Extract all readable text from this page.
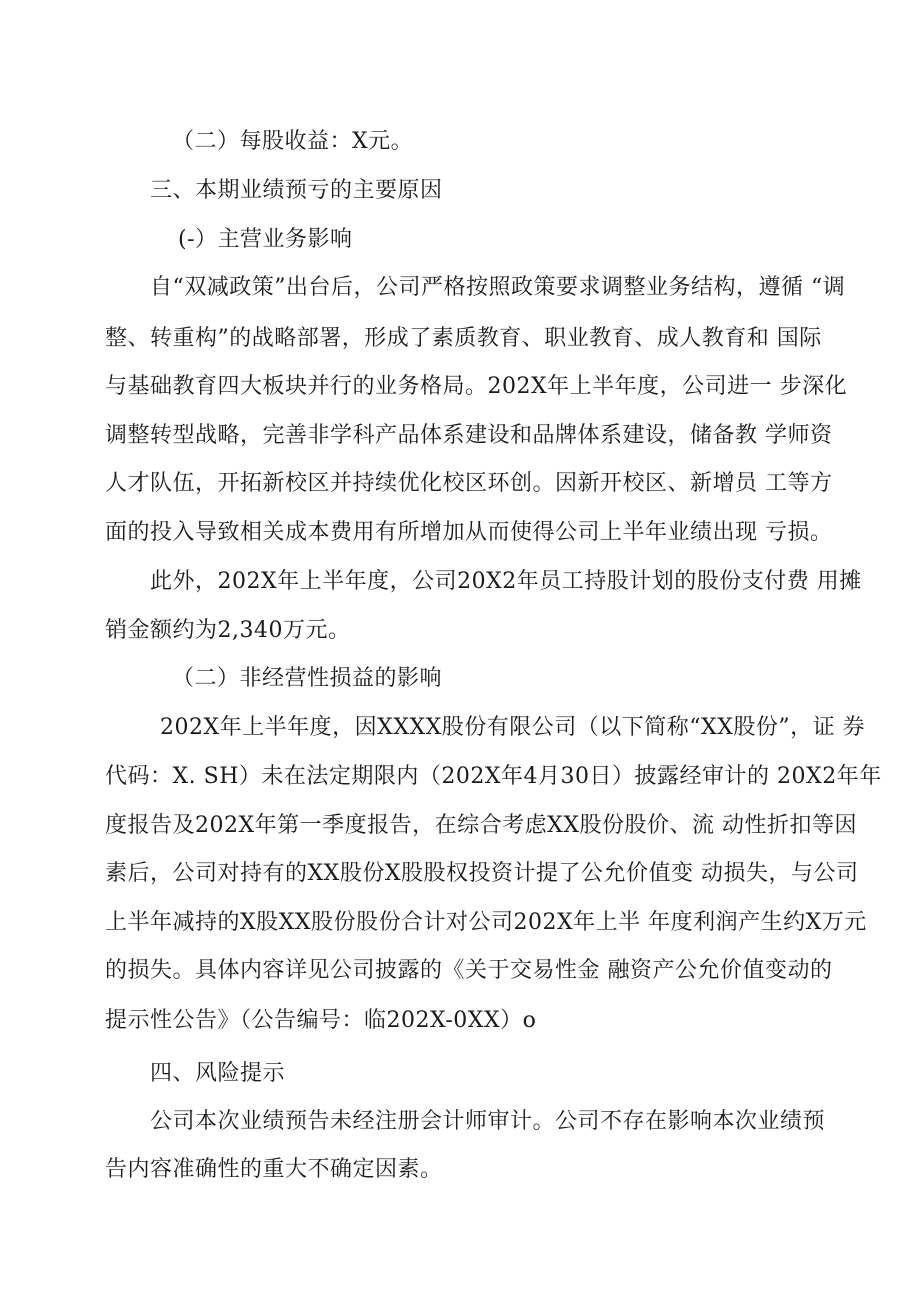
（二）每股收益：X元。
三、本期业绩预亏的主要原因
(-）主营业务影响
自“双减政策”出台后，公司严格按照政策要求调整业务结构，遵循 “调
整、转重构”的战略部署，形成了素质教育、职业教育、成人教育和 国际
与基础教育四大板块并行的业务格局。202X年上半年度，公司进一 步深化
调整转型战略，完善非学科产品体系建设和品牌体系建设，储备教 学师资
人才队伍，开拓新校区并持续优化校区环创。因新开校区、新增员 工等方
面的投入导致相关成本费用有所增加从而使得公司上半年业绩出现 亏损。
此外，202X年上半年度，公司20X2年员工持股计划的股份支付费 用摊
销金额约为2,340万元。
（二）非经营性损益的影响
202X年上半年度，因XXXX股份有限公司（以下简称“XX股份”，证 券
代码：X. SH）未在法定期限内（202X年4月30日）披露经审计的 20X2年年
度报告及202X年第一季度报告，在综合考虑XX股份股价、流 动性折扣等因
素后，公司对持有的XX股份X股股权投资计提了公允价值变 动损失，与公司
上半年减持的X股XX股份股份合计对公司202X年上半 年度利润产生约X万元
的损失。具体内容详见公司披露的《关于交易性金 融资产公允价值变动的
提示性公告》（公告编号：临202X-0XX）o
四、风险提示
公司本次业绩预告未经注册会计师审计。公司不存在影响本次业绩预
告内容准确性的重大不确定因素。
